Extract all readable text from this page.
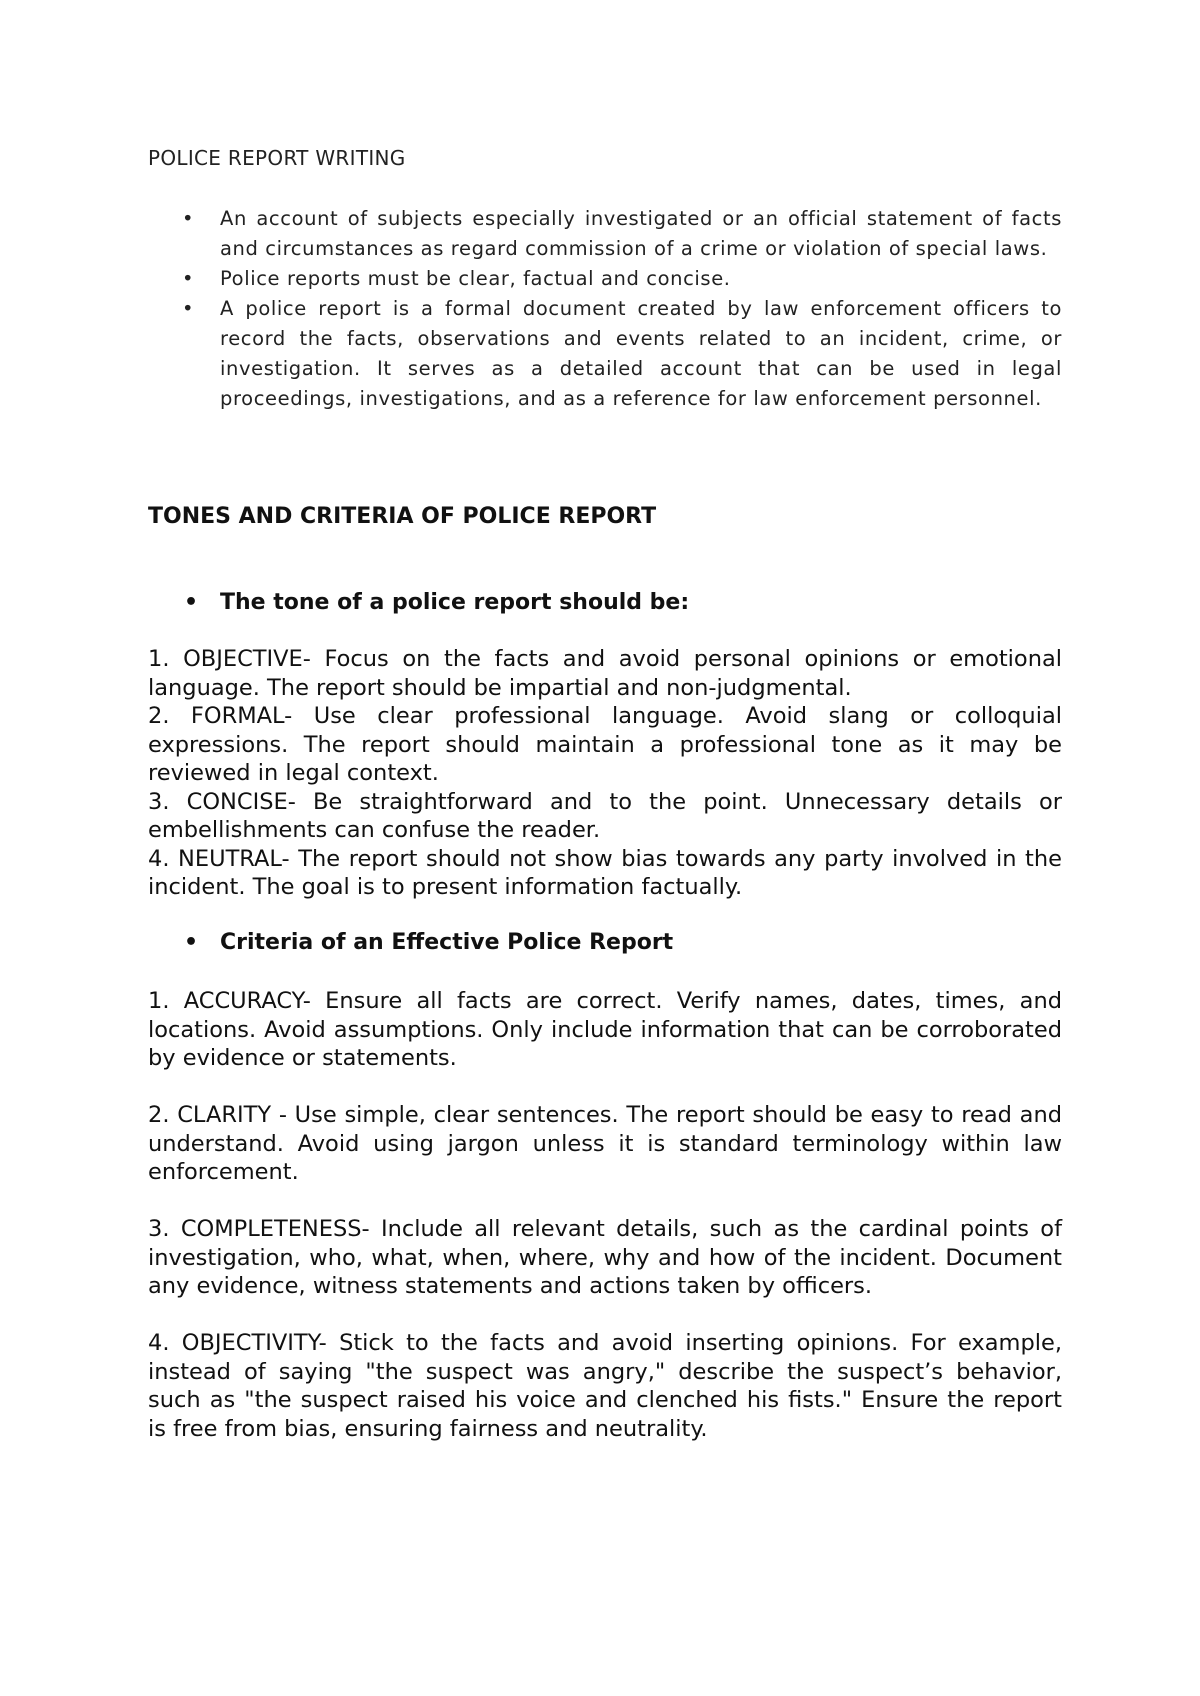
POLICE REPORT WRITING
• An account of subjects especially investigated or an official statement of facts and circumstances as regard commission of a crime or violation of special laws.
• Police reports must be clear, factual and concise.
• A police report is a formal document created by law enforcement officers to record the facts, observations and events related to an incident, crime, or investigation. It serves as a detailed account that can be used in legal proceedings, investigations, and as a reference for law enforcement personnel.
TONES AND CRITERIA OF POLICE REPORT
• The tone of a police report should be:

1. OBJECTIVE- Focus on the facts and avoid personal opinions or emotional language. The report should be impartial and non-judgmental.

2. FORMAL- Use clear professional language. Avoid slang or colloquial expressions. The report should maintain a professional tone as it may be reviewed in legal context.

3. CONCISE- Be straightforward and to the point. Unnecessary details or embellishments can confuse the reader.

4. NEUTRAL- The report should not show bias towards any party involved in the incident. The goal is to present information factually.

• Criteria of an Effective Police Report

1. ACCURACY- Ensure all facts are correct. Verify names, dates, times, and locations. Avoid assumptions. Only include information that can be corroborated by evidence or statements.

2. CLARITY - Use simple, clear sentences. The report should be easy to read and understand. Avoid using jargon unless it is standard terminology within law enforcement.

3. COMPLETENESS- Include all relevant details, such as the cardinal points of investigation, who, what, when, where, why and how of the incident. Document any evidence, witness statements and actions taken by officers.

4. OBJECTIVITY- Stick to the facts and avoid inserting opinions. For example, instead of saying "the suspect was angry," describe the suspect’s behavior, such as "the suspect raised his voice and clenched his fists." Ensure the report is free from bias, ensuring fairness and neutrality.
